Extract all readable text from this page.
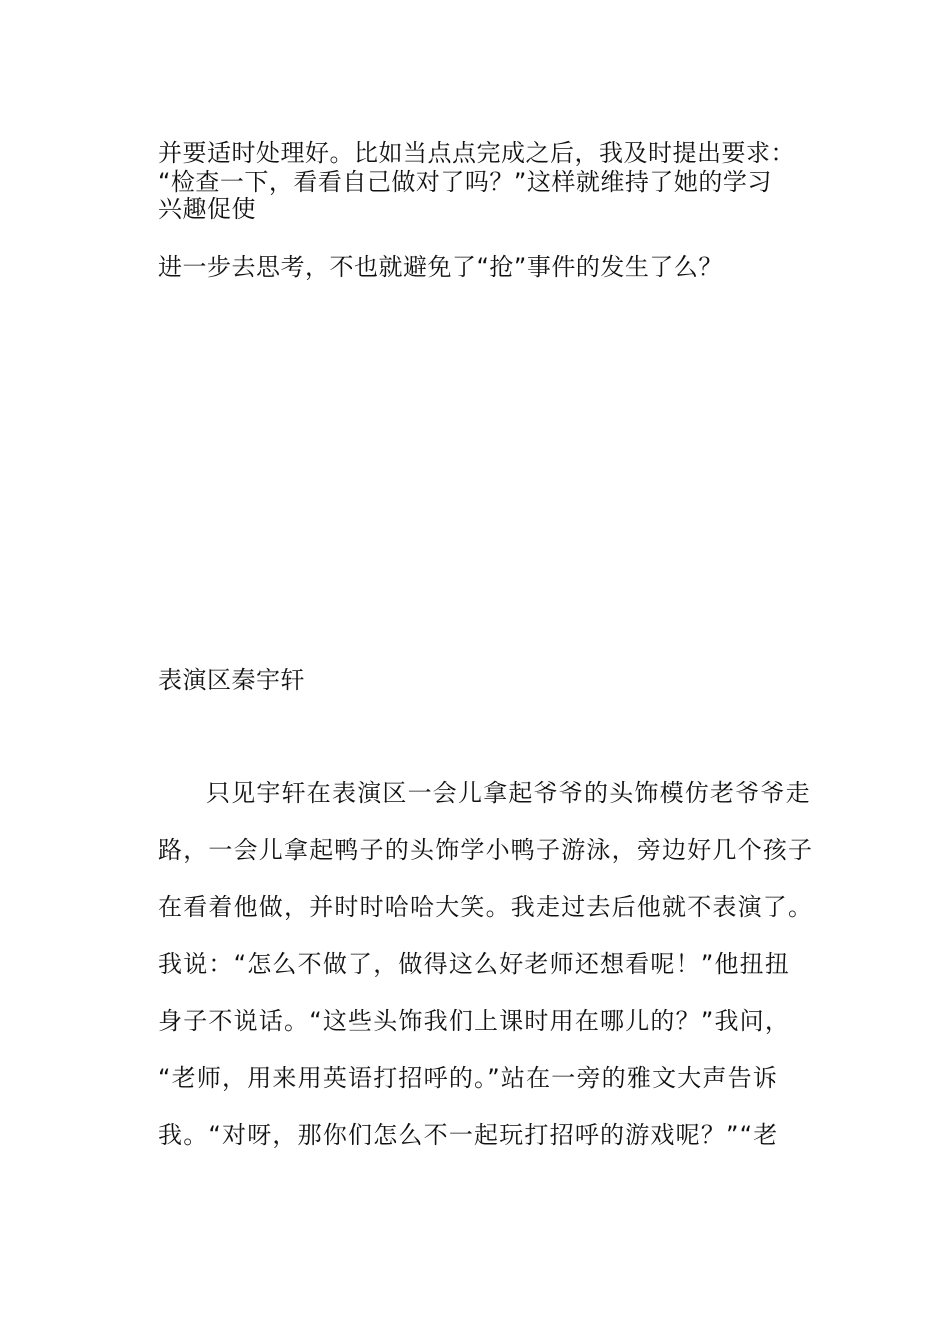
并要适时处理好。比如当点点完成之后，我及时提出要求：
“检查一下，看看自己做对了吗？”这样就维持了她的学习
兴趣促使
进一步去思考，不也就避免了“抢”事件的发生了么？
表演区秦宇轩
只见宇轩在表演区一会儿拿起爷爷的头饰模仿老爷爷走
路，一会儿拿起鸭子的头饰学小鸭子游泳，旁边好几个孩子
在看着他做，并时时哈哈大笑。我走过去后他就不表演了。
我说：“怎么不做了，做得这么好老师还想看呢！”他扭扭
身子不说话。“这些头饰我们上课时用在哪儿的？”我问，
“老师，用来用英语打招呼的。”站在一旁的雅文大声告诉
我。“对呀，那你们怎么不一起玩打招呼的游戏呢？”“老
